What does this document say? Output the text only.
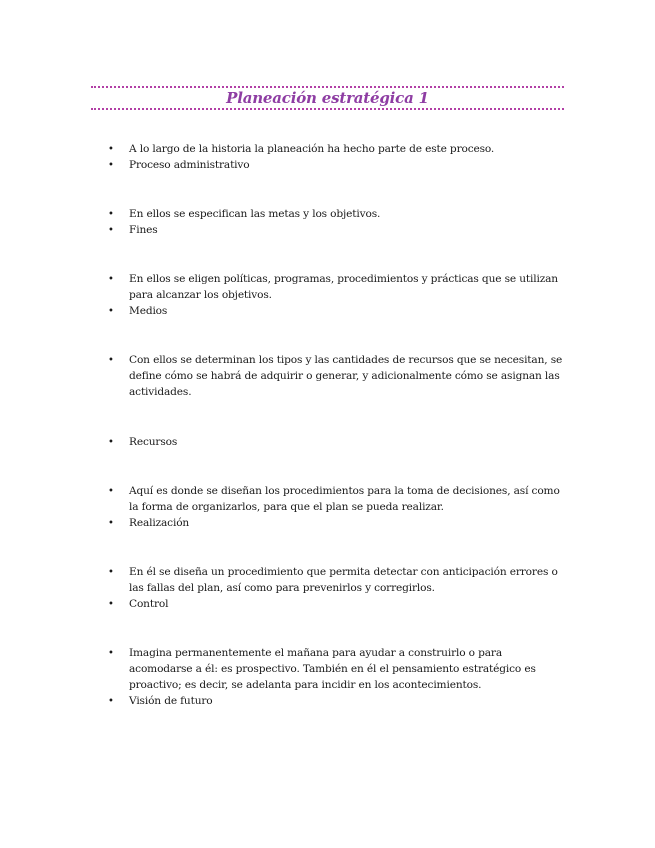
Planeación estratégica 1
•	A lo largo de la historia la planeación ha hecho parte de este proceso.
•	Proceso administrativo
•	En ellos se especifican las metas y los objetivos.
•	Fines
•	En ellos se eligen políticas, programas, procedimientos y prácticas que se utilizan para alcanzar los objetivos.
•	Medios
•	Con ellos se determinan los tipos y las cantidades de recursos que se necesitan, se define cómo se habrá de adquirir o generar, y adicionalmente cómo se asignan las actividades.
•	Recursos
•	Aquí es donde se diseñan los procedimientos para la toma de decisiones, así como la forma de organizarlos, para que el plan se pueda realizar.
•	Realización
•	En él se diseña un procedimiento que permita detectar con anticipación errores o las fallas del plan, así como para prevenirlos y corregirlos.
•	Control
•	Imagina permanentemente el mañana para ayudar a construirlo o para acomodarse a él: es prospectivo. También en él el pensamiento estratégico es proactivo; es decir, se adelanta para incidir en los acontecimientos.
•	Visión de futuro
